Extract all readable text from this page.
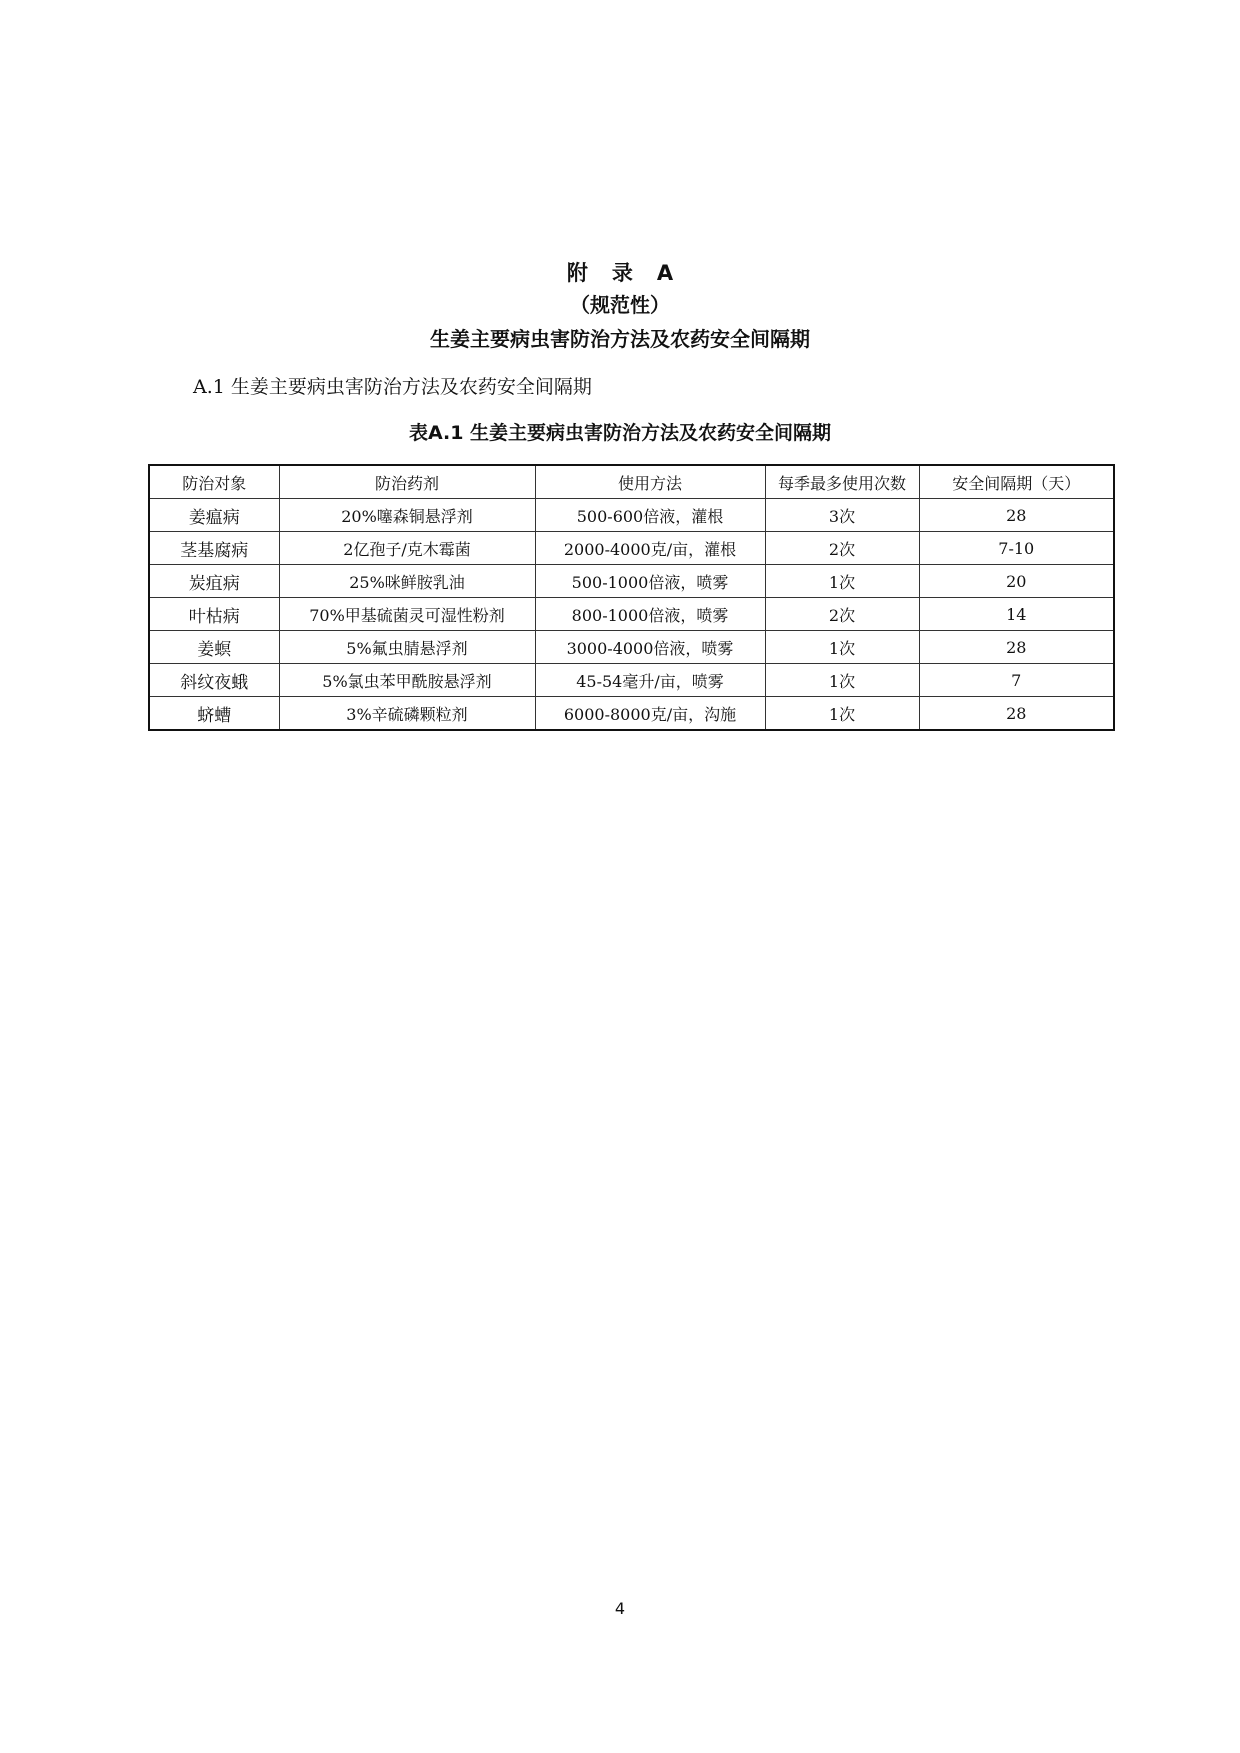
附 录 A
（规范性）
生姜主要病虫害防治方法及农药安全间隔期
A.1 生姜主要病虫害防治方法及农药安全间隔期
表A.1 生姜主要病虫害防治方法及农药安全间隔期
防治对象	防治药剂	使用方法	每季最多使用次数	安全间隔期（天）
姜瘟病	20%噻森铜悬浮剂	500-600倍液，灌根	3次	28
茎基腐病	2亿孢子/克木霉菌	2000-4000克/亩，灌根	2次	7-10
炭疽病	25%咪鲜胺乳油	500-1000倍液，喷雾	1次	20
叶枯病	70%甲基硫菌灵可湿性粉剂	800-1000倍液，喷雾	2次	14
姜螟	5%氟虫腈悬浮剂	3000-4000倍液，喷雾	1次	28
斜纹夜蛾	5%氯虫苯甲酰胺悬浮剂	45-54毫升/亩，喷雾	1次	7
蛴螬	3%辛硫磷颗粒剂	6000-8000克/亩，沟施	1次	28
4
